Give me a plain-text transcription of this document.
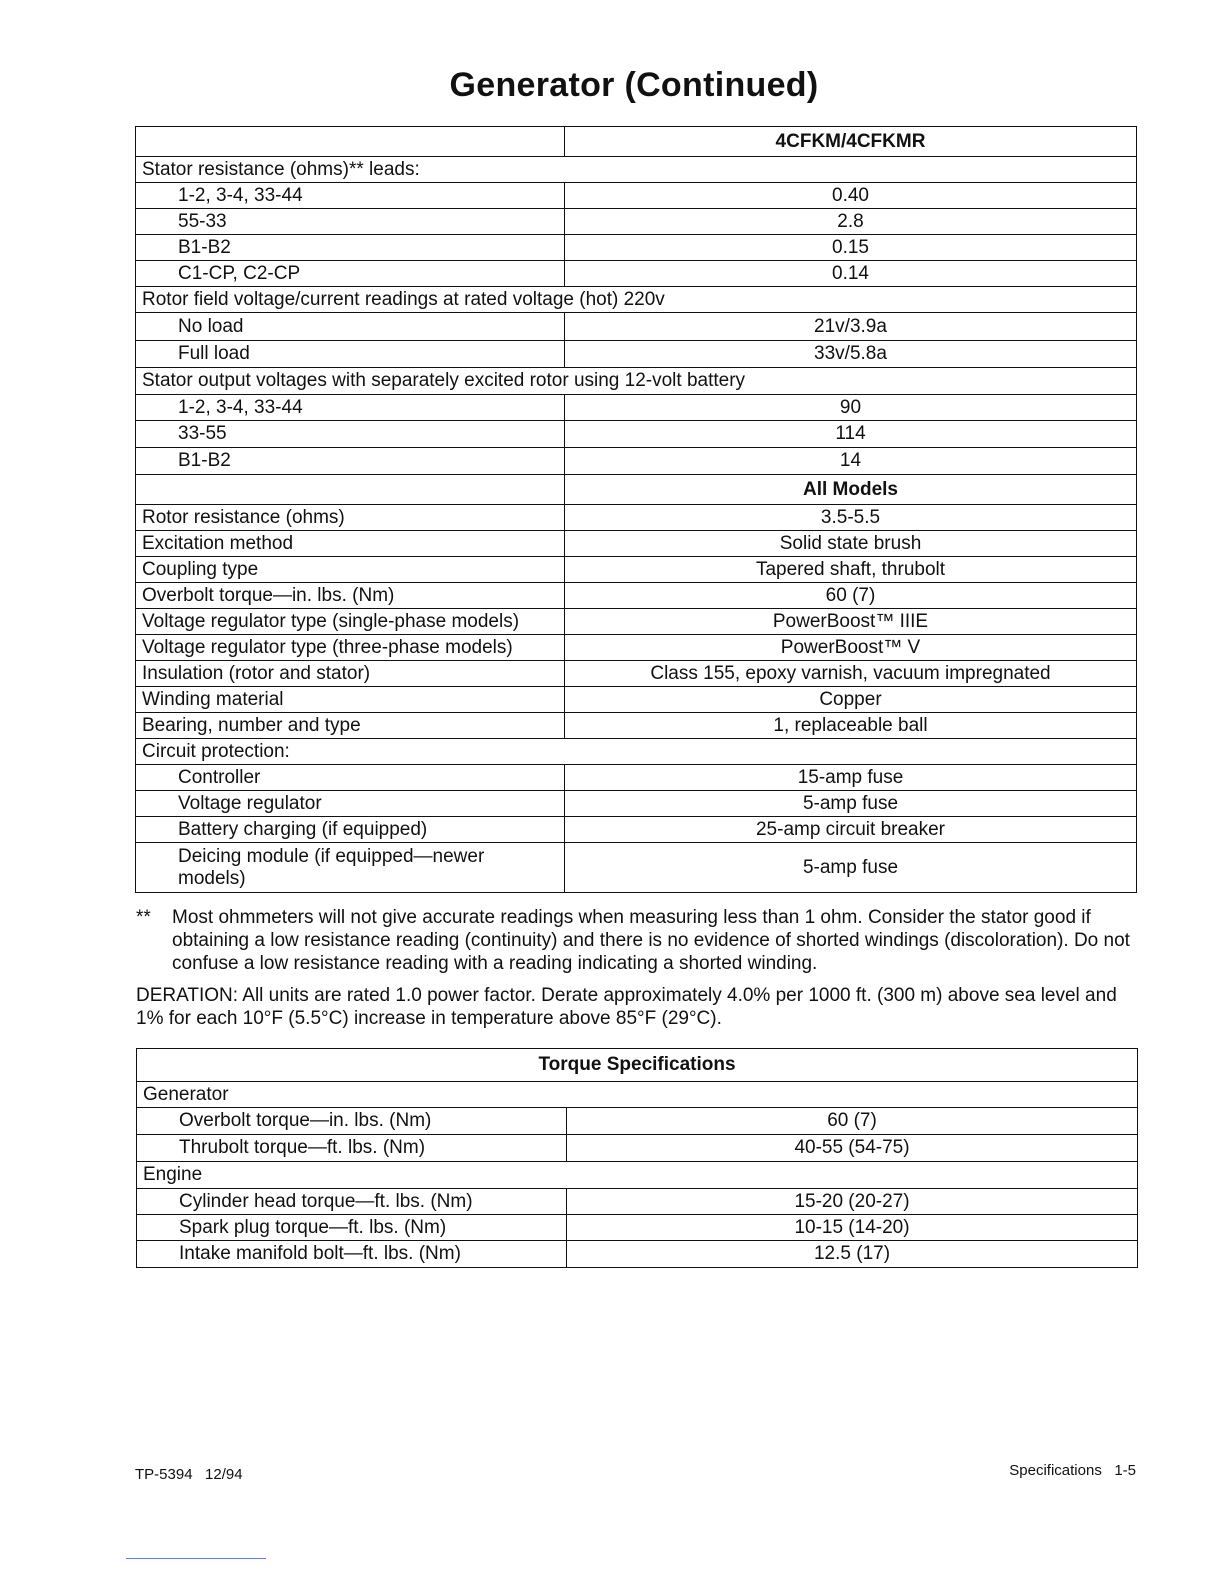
Generator (Continued)
	4CFKM/4CFKMR
Stator resistance (ohms)** leads:	
1-2, 3-4, 33-44	0.40
55-33	2.8
B1-B2	0.15
C1-CP, C2-CP	0.14
Rotor field voltage/current readings at rated voltage (hot) 220v	
No load	21v/3.9a
Full load	33v/5.8a
Stator output voltages with separately excited rotor using 12-volt battery	
1-2, 3-4, 33-44	90
33-55	114
B1-B2	14
	All Models
Rotor resistance (ohms)	3.5-5.5
Excitation method	Solid state brush
Coupling type	Tapered shaft, thrubolt
Overbolt torque—in. lbs. (Nm)	60 (7)
Voltage regulator type (single-phase models)	PowerBoost™ IIIE
Voltage regulator type (three-phase models)	PowerBoost™ V
Insulation (rotor and stator)	Class 155, epoxy varnish, vacuum impregnated
Winding material	Copper
Bearing, number and type	1, replaceable ball
Circuit protection:	
Controller	15-amp fuse
Voltage regulator	5-amp fuse
Battery charging (if equipped)	25-amp circuit breaker
Deicing module (if equipped—newer models)	5-amp fuse
**	Most ohmmeters will not give accurate readings when measuring less than 1 ohm. Consider the stator good if obtaining a low resistance reading (continuity) and there is no evidence of shorted windings (discoloration). Do not confuse a low resistance reading with a reading indicating a shorted winding.
DERATION: All units are rated 1.0 power factor. Derate approximately 4.0% per 1000 ft. (300 m) above sea level and 1% for each 10°F (5.5°C) increase in temperature above 85°F (29°C).
Torque Specifications	
Generator	
Overbolt torque—in. lbs. (Nm)	60 (7)
Thrubolt torque—ft. lbs. (Nm)	40-55 (54-75)
Engine	
Cylinder head torque—ft. lbs. (Nm)	15-20 (20-27)
Spark plug torque—ft. lbs. (Nm)	10-15 (14-20)
Intake manifold bolt—ft. lbs. (Nm)	12.5 (17)
TP-5394   12/94	Specifications   1-5
